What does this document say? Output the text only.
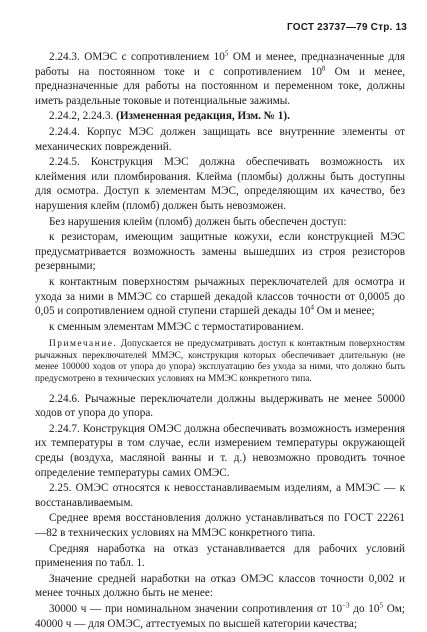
ГОСТ 23737—79 Стр. 13

2.24.3. ОМЭС с сопротивлением $10^5$ ОМ и менее, предназначенные для работы на постоянном токе и с сопротивлением $10^8$ Ом и менее, предназначенные для работы на постоянном и переменном токе, должны иметь раздельные токовые и потенциальные зажимы.

2.24.2, 2.24.3. (Измененная редакция, Изм. № 1).

2.24.4. Корпус МЭС должен защищать все внутренние элементы от механических повреждений.

2.24.5. Конструкция МЭС должна обеспечивать возможность их клеймения или пломбирования. Клейма (пломбы) должны быть доступны для осмотра. Доступ к элементам МЭС, определяющим их качество, без нарушения клейм (пломб) должен быть невозможен.

Без нарушения клейм (пломб) должен быть обеспечен доступ:

к резисторам, имеющим защитные кожухи, если конструкцией МЭС предусматривается возможность замены вышедших из строя резисторов резервными;

к контактным поверхностям рычажных переключателей для осмотра и ухода за ними в ММЭС со старшей декадой классов точности от 0,0005 до 0,05 и сопротивлением одной ступени старшей декады $10^4$ Ом и менее;

к сменным элементам ММЭС с термостатированием.

Примечание. Допускается не предусматривать доступ к контактным поверхностям рычажных переключателей ММЭС, конструкция которых обеспечивает длительную (не менее 100000 ходов от упора до упора) эксплуатацию без ухода за ними, что должно быть предусмотрено в технических условиях на ММЭС конкретного типа.

2.24.6. Рычажные переключатели должны выдерживать не менее 50000 ходов от упора до упора.

2.24.7. Конструкция ОМЭС должна обеспечивать возможность измерения их температуры в том случае, если измерением температуры окружающей среды (воздуха, масляной ванны и т. д.) невозможно проводить точное определение температуры самих ОМЭС.

2.25. ОМЭС относятся к невосстанавливаемым изделиям, а ММЭС — к восстанавливаемым.

Среднее время восстановления должно устанавливаться по ГОСТ 22261—82 в технических условиях на ММЭС конкретного типа.

Средняя наработка на отказ устанавливается для рабочих условий применения по табл. 1.

Значение средней наработки на отказ ОМЭС классов точности 0,002 и менее точных должно быть не менее:

30000 ч — при номинальном значении сопротивления от $10^{-3}$ до $10^5$ Ом; 40000 ч — для ОМЭС, аттестуемых по высшей категории качества;
